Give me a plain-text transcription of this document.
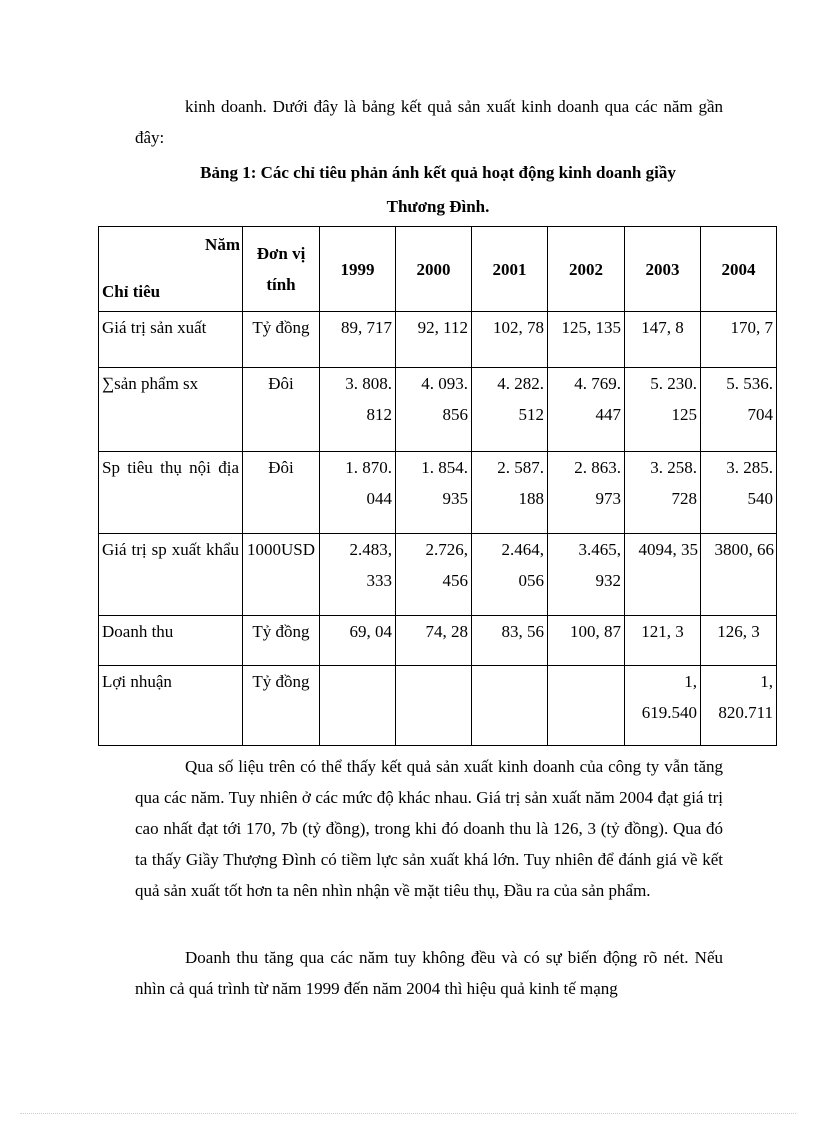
kinh doanh. Dưới đây là bảng kết quả sản xuất kinh doanh qua các năm gần đây:

Bảng 1: Các chỉ tiêu phản ánh kết quả hoạt động kinh doanh giầy
Thương Đình.
Năm
Chỉ tiêu	Đơn vị tính	1999	2000	2001	2002	2003	2004
Giá trị sản xuất	Tỷ đồng	89, 717	92, 112	102, 78	125, 135	147, 8	170, 7
∑sản phẩm sx	Đôi	3. 808. 812	4. 093. 856	4. 282. 512	4. 769. 447	5. 230. 125	5. 536. 704
Sp tiêu thụ nội địa	Đôi	1. 870. 044	1. 854. 935	2. 587. 188	2. 863. 973	3. 258. 728	3. 285. 540
Giá trị sp xuất khẩu	1000USD	2.483, 333	2.726, 456	2.464, 056	3.465, 932	4094, 35	3800, 66
Doanh thu	Tỷ đồng	69, 04	74, 28	83, 56	100, 87	121, 3	126, 3
Lợi nhuận	Tỷ đồng					1, 619.540	1, 820.711

Qua số liệu trên có thể thấy kết quả sản xuất kinh doanh của công ty vẫn tăng qua các năm. Tuy nhiên ở các mức độ khác nhau. Giá trị sản xuất năm 2004 đạt giá trị cao nhất đạt tới 170, 7b (tỷ đồng), trong khi đó doanh thu là 126, 3 (tỷ đồng). Qua đó ta thấy Giầy Thượng Đình có tiềm lực sản xuất khá lớn. Tuy nhiên để đánh giá về kết quả sản xuất tốt hơn ta nên nhìn nhận về mặt tiêu thụ, Đầu ra của sản phẩm.

Doanh thu tăng qua các năm tuy không đều và có sự biến động rõ nét. Nếu nhìn cả quá trình từ năm 1999 đến năm 2004 thì hiệu quả kinh tế mạng
